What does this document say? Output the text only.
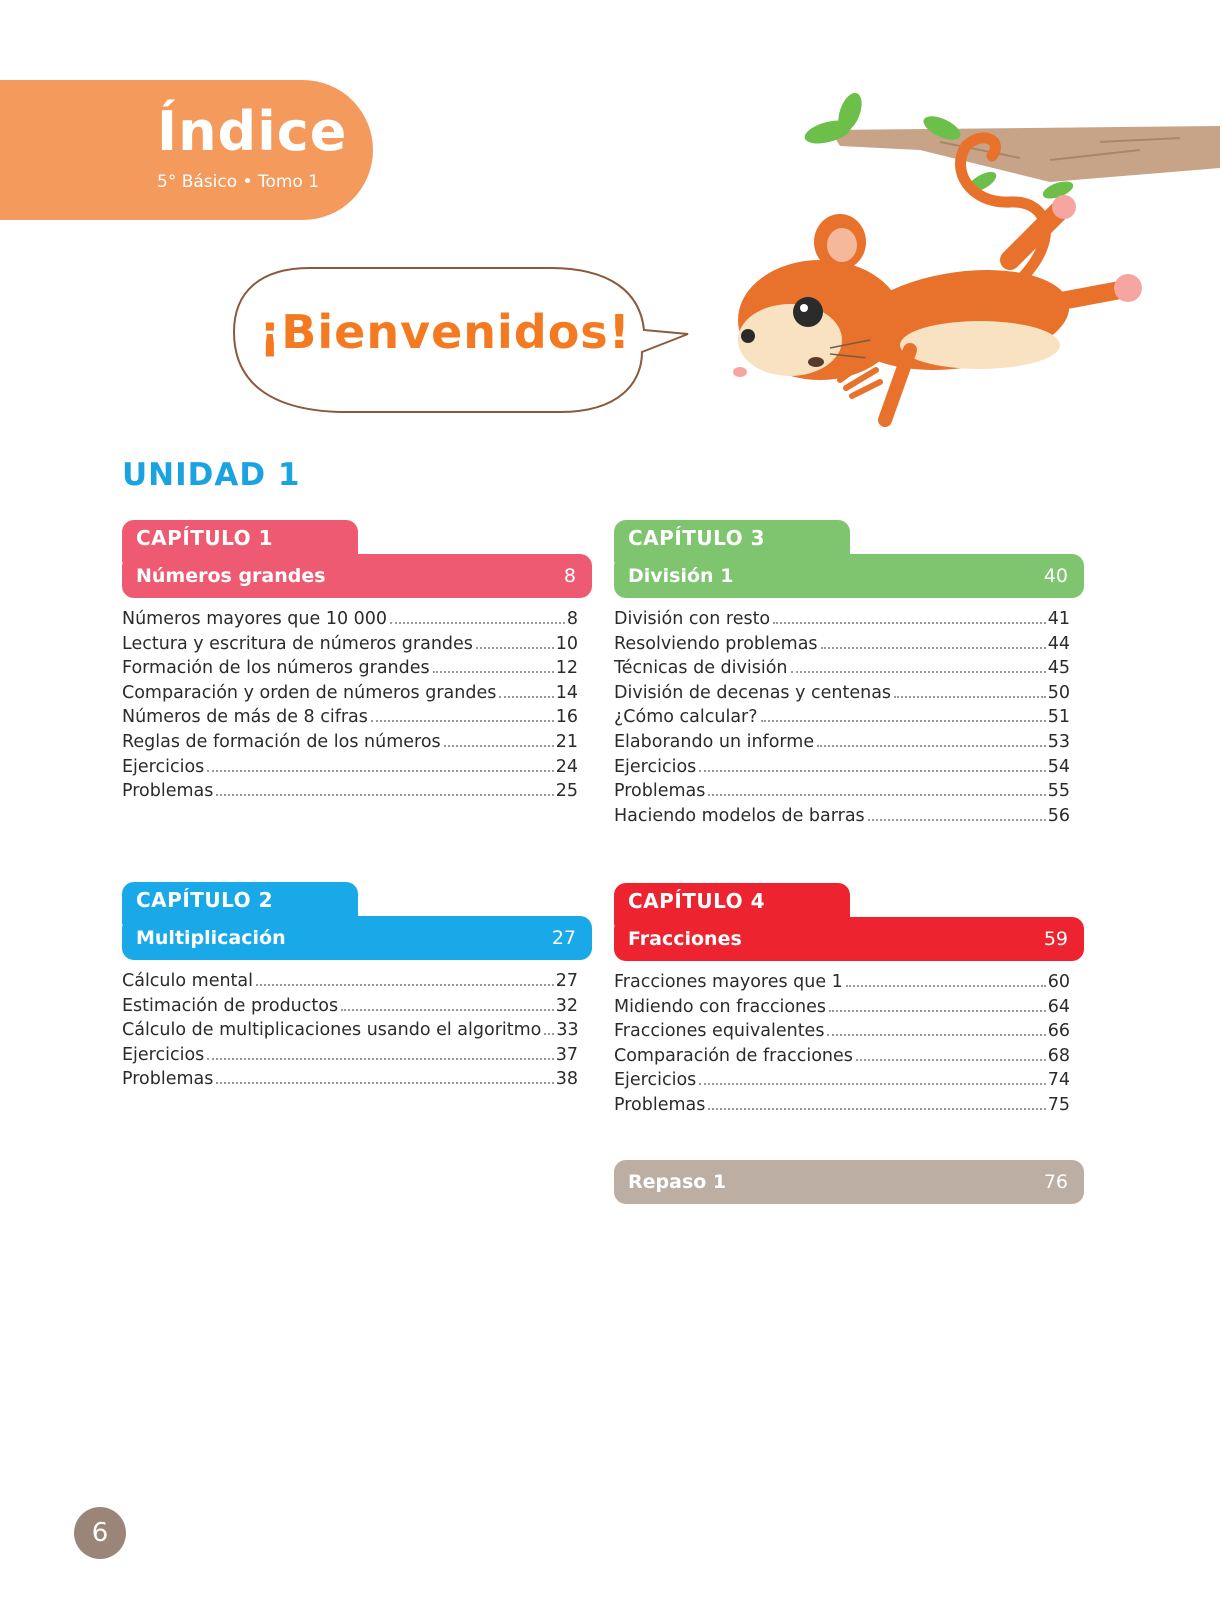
Índice
5° Básico • Tomo 1
¡Bienvenidos!
UNIDAD 1
CAPÍTULO 1
Números grandes	8
Números mayores que 10 000	8
Lectura y escritura de números grandes	10
Formación de los números grandes	12
Comparación y orden de números grandes	14
Números de más de 8 cifras	16
Reglas de formación de los números	21
Ejercicios	24
Problemas	25
CAPÍTULO 2
Multiplicación	27
Cálculo mental	27
Estimación de productos	32
Cálculo de multiplicaciones usando el algoritmo 33
Ejercicios	37
Problemas	38
CAPÍTULO 3
División 1	40
División con resto	41
Resolviendo problemas	44
Técnicas de división	45
División de decenas y centenas	50
¿Cómo calcular?	51
Elaborando un informe	53
Ejercicios	54
Problemas	55
Haciendo modelos de barras	56
CAPÍTULO 4
Fracciones	59
Fracciones mayores que 1	60
Midiendo con fracciones	64
Fracciones equivalentes	66
Comparación de fracciones	68
Ejercicios	74
Problemas	75
Repaso 1	76
6
